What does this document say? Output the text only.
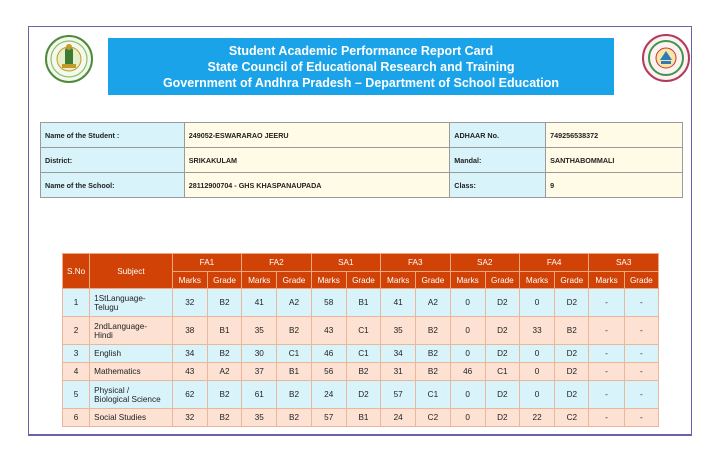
Student Academic Performance Report Card
State Council of Educational Research and Training
Government of Andhra Pradesh – Department of School Education
Name of the Student :	249052-ESWARARAO JEERU	ADHAAR No.	749256538372
District:	SRIKAKULAM	Mandal:	SANTHABOMMALI
Name of the School:	28112900704 - GHS KHASPANAUPADA	Class:	9
S.No	Subject	FA1		FA2		SA1		FA3		SA2		FA4		SA3	
		Marks	Grade	Marks	Grade	Marks	Grade	Marks	Grade	Marks	Grade	Marks	Grade	Marks	Grade
1	1StLanguage-
Telugu	32	B2	41	A2	58	B1	41	A2	0	D2	0	D2	-	-
2	2ndLanguage-
Hindi	38	B1	35	B2	43	C1	35	B2	0	D2	33	B2	-	-
3	English	34	B2	30	C1	46	C1	34	B2	0	D2	0	D2	-	-
4	Mathematics	43	A2	37	B1	56	B2	31	B2	46	C1	0	D2	-	-
5	Physical /
Biological Science	62	B2	61	B2	24	D2	57	C1	0	D2	0	D2	-	-
6	Social Studies	32	B2	35	B2	57	B1	24	C2	0	D2	22	C2	-	-
